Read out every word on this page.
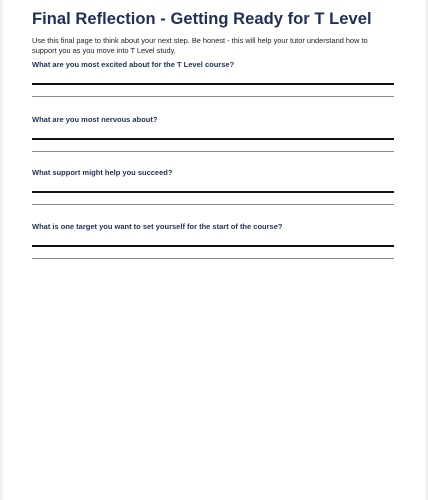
Final Reflection - Getting Ready for T Level

Use this final page to think about your next step. Be honest - this will help your tutor understand how to support you as you move into T Level study.

What are you most excited about for the T Level course?

What are you most nervous about?

What support might help you succeed?

What is one target you want to set yourself for the start of the course?
